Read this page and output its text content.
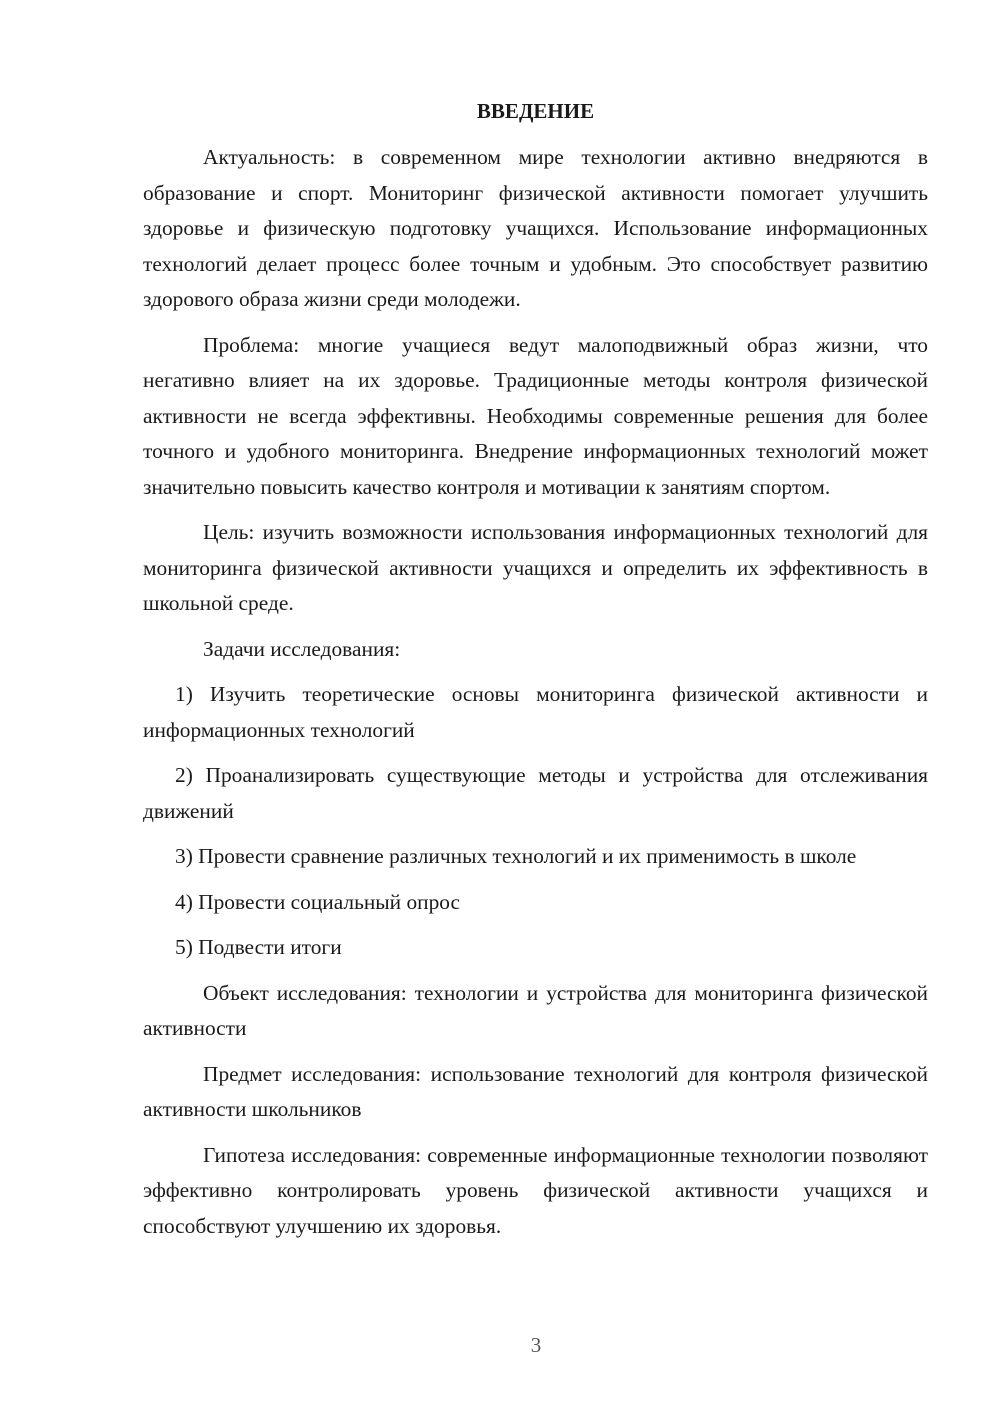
ВВЕДЕНИЕ

Актуальность: в современном мире технологии активно внедряются в образование и спорт. Мониторинг физической активности помогает улучшить здоровье и физическую подготовку учащихся. Использование информационных технологий делает процесс более точным и удобным. Это способствует развитию здорового образа жизни среди молодежи.

Проблема: многие учащиеся ведут малоподвижный образ жизни, что негативно влияет на их здоровье. Традиционные методы контроля физической активности не всегда эффективны. Необходимы современные решения для более точного и удобного мониторинга. Внедрение информационных технологий может значительно повысить качество контроля и мотивации к занятиям спортом.

Цель: изучить возможности использования информационных технологий для мониторинга физической активности учащихся и определить их эффективность в школьной среде.

Задачи исследования:

1) Изучить теоретические основы мониторинга физической активности и информационных технологий

2) Проанализировать существующие методы и устройства для отслеживания движений

3) Провести сравнение различных технологий и их применимость в школе

4) Провести социальный опрос

5) Подвести итоги

Объект исследования: технологии и устройства для мониторинга физической активности

Предмет исследования: использование технологий для контроля физической активности школьников

Гипотеза исследования: современные информационные технологии позволяют эффективно контролировать уровень физической активности учащихся и способствуют улучшению их здоровья.

3
